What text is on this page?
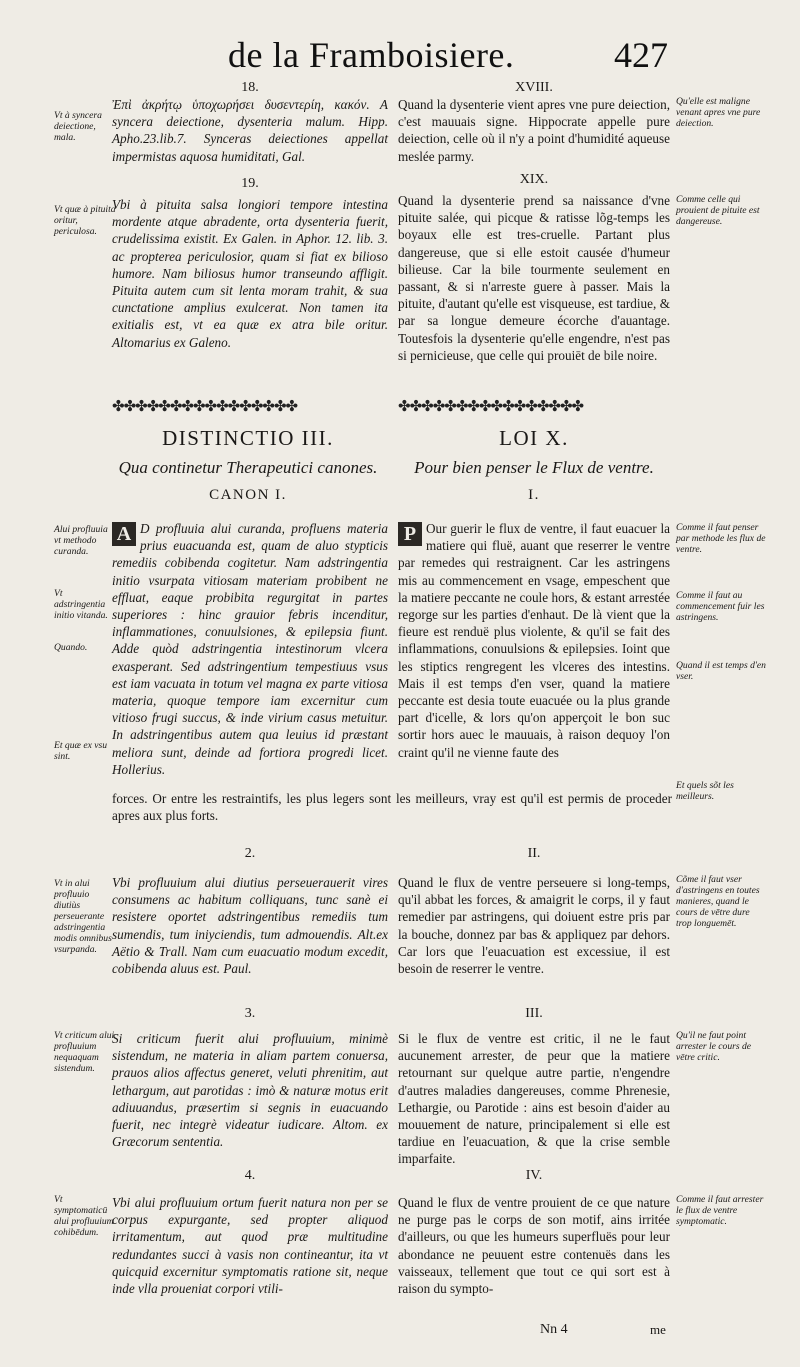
de la Framboisiere.	427
18.
Ἐπὶ ἀκρήτῳ ὑποχωρήσει δυσεντερίη, κακόν. A syncera deiectione, dysenteria malum. Hipp. Apho.23.lib.7. Synceras deiectiones appellat impermistas aquosa humiditati, Gal.
Vt à syncera deiectione, mala.
19.
Vbi à pituita salsa longiori tempore intestina mordente atque abradente, orta dysenteria fuerit, crudelissima existit. Ex Galen. in Aphor. 12. lib. 3. ac propterea periculosior, quam si fiat ex bilioso humore. Nam biliosus humor transeundo affligit. Pituita autem cum sit lenta moram trahit, & sua cunctatione amplius exulcerat. Non tamen ita exitialis est, vt ea quæ ex atra bile oritur. Altomarius ex Galeno.
Vt quæ à pituita oritur, periculosa.
XVIII.
Quand la dysenterie vient apres vne pure deiection, c'est mauuais signe. Hippocrate appelle pure deiection, celle où il n'y a point d'humidité aqueuse meslée parmy.
Qu'elle est maligne venant apres vne pure deiection.
XIX.
Quand la dysenterie prend sa naissance d'vne pituite salée, qui picque & ratisse lõg-temps les boyaux elle est tres-cruelle. Partant plus dangereuse, que si elle estoit causée d'humeur bilieuse. Car la bile tourmente seulement en passant, & si n'arreste guere à passer. Mais la pituite, d'autant qu'elle est visqueuse, est tardiue, & par sa longue demeure écorche d'auantage. Toutesfois la dysenterie qu'elle engendre, n'est pas si pernicieuse, que celle qui prouiēt de bile noire.
Comme celle qui prouient de pituite est dangereuse.
✤✤✤✤✤✤✤✤✤✤✤✤✤✤✤✤	✤✤✤✤✤✤✤✤✤✤✤✤✤✤✤✤
DISTINCTIO III.
Qua continetur Therapeutici canones.
CANON I.
LOI X.
Pour bien penser le Flux de ventre.
I.
A D profluuia alui curanda, profluens materia prius euacuanda est, quam de aluo stypticis remediis cobibenda cogitetur. Nam adstringentia initio vsurpata vitiosam materiam probibent ne effluat, eaque probibita regurgitat in partes superiores : hinc grauior febris incenditur, inflammationes, conuulsiones, & epilepsia fiunt. Adde quòd adstringentia intestinorum vlcera exasperant. Sed adstringentium tempestiuus vsus est iam vacuata in totum vel magna ex parte vitiosa materia, quoque tempore iam excernitur cum vitioso frugi succus, & inde virium casus metuitur. In adstringentibus autem qua leuius id præstant meliora sunt, deinde ad fortiora progredi licet. Hollerius.
Alui profluuia vt methodo curanda.
Vt adstringentia initio vitanda.
Quando.
Et quæ ex vsu sint.
P Our guerir le flux de ventre, il faut euacuer la matiere qui fluë, auant que reserrer le ventre par remedes qui restraignent. Car les astringens mis au commencement en vsage, empeschent que la matiere peccante ne coule hors, & estant arrestée regorge sur les parties d'enhaut. De là vient que la fieure est renduë plus violente, & qu'il se fait des inflammations, conuulsions & epilepsies. Ioint que les stiptics rengregent les vlceres des intestins. Mais il est temps d'en vser, quand la matiere peccante est desia toute euacuée ou la plus grande part d'icelle, & lors qu'on apperçoit le bon suc sortir hors auec le mauuais, à raison dequoy l'on craint qu'il ne vienne faute des
Comme il faut penser par methode les flux de ventre.
Comme il faut au commencement fuir les astringens.
Quand il est temps d'en vser.
Et quels sõt les meilleurs.
forces. Or entre les restraintifs, les plus legers sont les meilleurs, vray est qu'il est permis de proceder apres aux plus forts.
2.
Vbi profluuium alui diutius perseuerauerit vires consumens ac habitum colliquans, tunc sanè ei resistere oportet adstringentibus remediis tum sumendis, tum iniyciendis, tum admouendis. Alt.ex Aëtio & Trall. Nam cum euacuatio modum excedit, cobibenda aluus est. Paul.
Vt in alui profluuio diutiùs perseuerante adstringentia modis omnibus vsurpanda.
II.
Quand le flux de ventre perseuere si long-temps, qu'il abbat les forces, & amaigrit le corps, il y faut remedier par astringens, qui doiuent estre pris par la bouche, donnez par bas & appliquez par dehors. Car lors que l'euacuation est excessiue, il est besoin de reserrer le ventre.
Cõme il faut vser d'astringens en toutes manieres, quand le cours de vētre dure trop longuemēt.
3.
Si criticum fuerit alui profluuium, minimè sistendum, ne materia in aliam partem conuersa, prauos alios affectus generet, veluti phrenitim, aut lethargum, aut parotidas : imò & naturæ motus erit adiuuandus, præsertim si segnis in euacuando fuerit, nec integrè videatur iudicare. Altom. ex Græcorum sententia.
Vt criticum alui profluuium nequaquam sistendum.
III.
Si le flux de ventre est critic, il ne le faut aucunement arrester, de peur que la matiere retournant sur quelque autre partie, n'engendre d'autres maladies dangereuses, comme Phrenesie, Lethargie, ou Parotide : ains est besoin d'aider au mouuement de nature, principalement si elle est tardiue en l'euacuation, & que la crise semble imparfaite.
Qu'il ne faut point arrester le cours de vētre critic.
4.
Vbi alui profluuium ortum fuerit natura non per se corpus expurgante, sed propter aliquod irritamentum, aut quod præ multitudine redundantes succi à vasis non contineantur, ita vt quicquid excernitur symptomatis ratione sit, neque inde vlla proueniat corpori vtili-
Vt symptomaticū alui profluuium cohibēdum.
IV.
Quand le flux de ventre prouient de ce que nature ne purge pas le corps de son motif, ains irritée d'ailleurs, ou que les humeurs superfluës pour leur abondance ne peuuent estre contenuës dans les vaisseaux, tellement que tout ce qui sort est à raison du sympto-
Comme il faut arrester le flux de ventre symptomatic.
Nn 4	me
